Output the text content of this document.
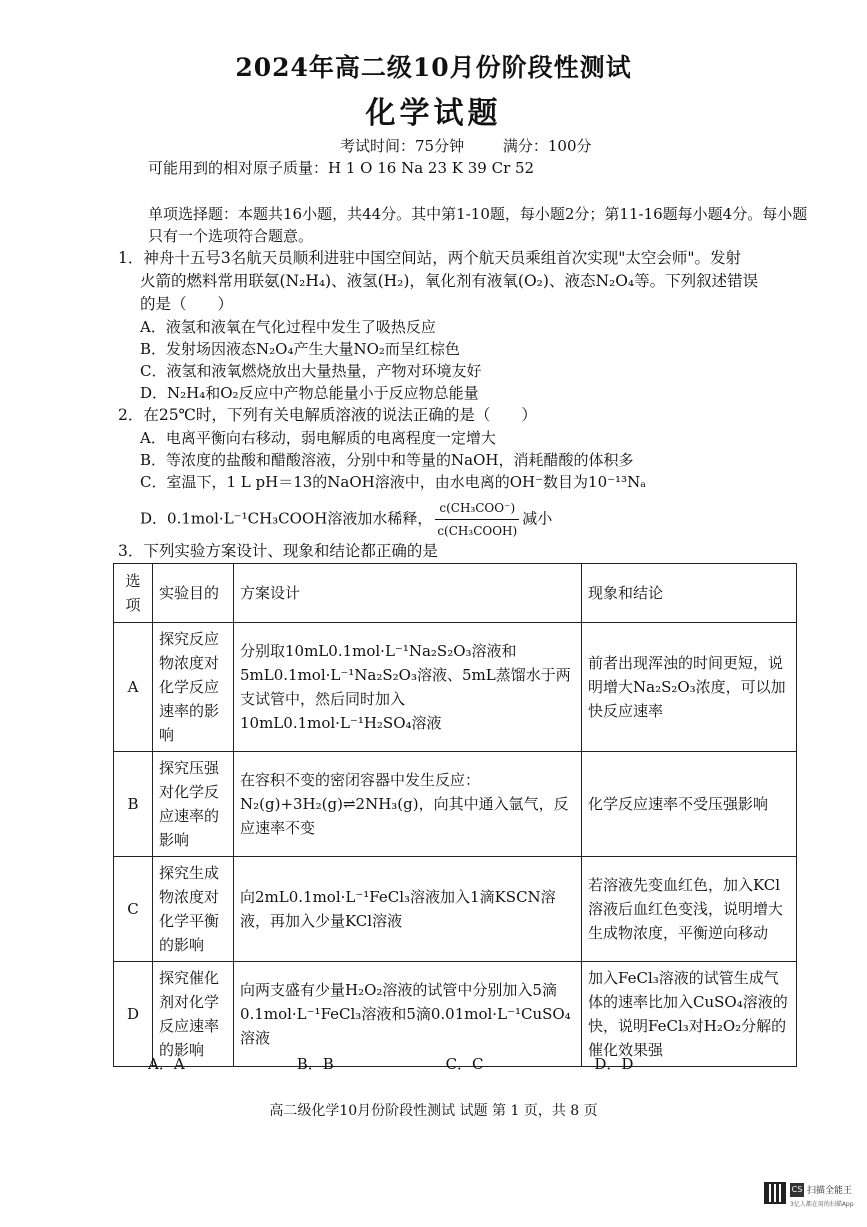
2024年高二级10月份阶段性测试
化学试题
考试时间：75分钟	满分：100分
可能用到的相对原子质量：H 1 O 16 Na 23 K 39 Cr 52
单项选择题：本题共16小题，共44分。其中第1-10题，每小题2分；第11-16题每小题4分。每小题只有一个选项符合题意。
1．神舟十五号3名航天员顺利进驻中国空间站，两个航天员乘组首次实现"太空会师"。发射
火箭的燃料常用联氨(N₂H₄)、液氢(H₂)，氧化剂有液氧(O₂)、液态N₂O₄等。下列叙述错误
的是（　　）
A．液氢和液氧在气化过程中发生了吸热反应
B．发射场因液态N₂O₄产生大量NO₂而呈红棕色
C．液氢和液氧燃烧放出大量热量，产物对环境友好
D．N₂H₄和O₂反应中产物总能量小于反应物总能量
2．在25℃时，下列有关电解质溶液的说法正确的是（　　）
A．电离平衡向右移动，弱电解质的电离程度一定增大
B．等浓度的盐酸和醋酸溶液，分别中和等量的NaOH，消耗醋酸的体积多
C．室温下，1 L pH＝13的NaOH溶液中，由水电离的OH⁻数目为10⁻¹³Nₐ
D．0.1mol·L⁻¹CH₃COOH溶液加水稀释， $\frac{\text{c(CH₃COO⁻)}}{\text{c(CH₃COOH)}}$ 减小
3．下列实验方案设计、现象和结论都正确的是
选项	实验目的	方案设计	现象和结论
A	探究反应物浓度对化学反应速率的影响	分别取10mL0.1mol·L⁻¹Na₂S₂O₃溶液和5mL0.1mol·L⁻¹Na₂S₂O₃溶液、5mL蒸馏水于两支试管中，然后同时加入10mL0.1mol·L⁻¹H₂SO₄溶液	前者出现浑浊的时间更短，说明增大Na₂S₂O₃浓度，可以加快反应速率
B	探究压强对化学反应速率的影响	在容积不变的密闭容器中发生反应：N₂(g)+3H₂(g)⇌2NH₃(g)，向其中通入氩气，反应速率不变	化学反应速率不受压强影响
C	探究生成物浓度对化学平衡的影响	向2mL0.1mol·L⁻¹FeCl₃溶液加入1滴KSCN溶液，再加入少量KCl溶液	若溶液先变血红色，加入KCl溶液后血红色变浅，说明增大生成物浓度，平衡逆向移动
D	探究催化剂对化学反应速率的影响	向两支盛有少量H₂O₂溶液的试管中分别加入5滴0.1mol·L⁻¹FeCl₃溶液和5滴0.01mol·L⁻¹CuSO₄溶液	加入FeCl₃溶液的试管生成气体的速率比加入CuSO₄溶液的快，说明FeCl₃对H₂O₂分解的催化效果强
A．A	B．B	C．C	D．D
高二级化学10月份阶段性测试 试题 第 1 页，共 8 页
CS 扫描全能王
3亿人都在用的扫描App
